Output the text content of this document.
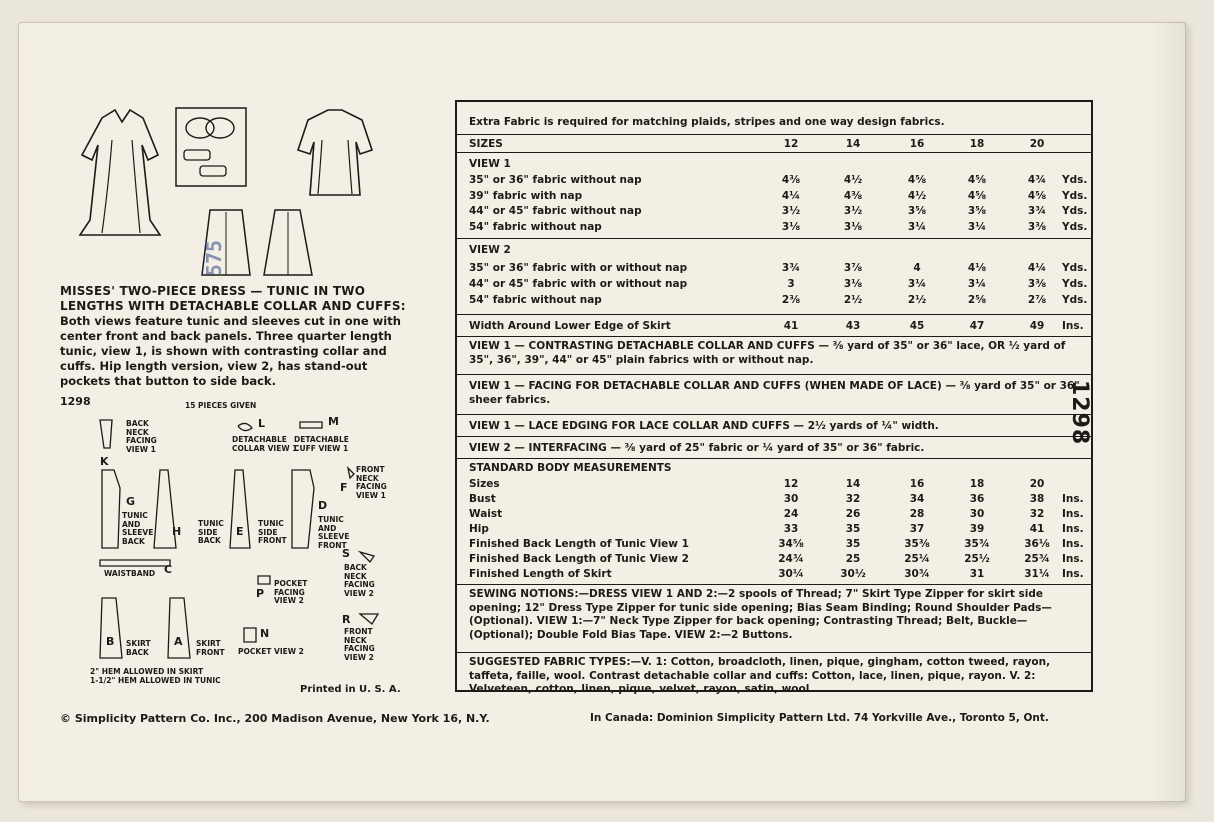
575
MISSES' TWO-PIECE DRESS — TUNIC IN TWO LENGTHS WITH DETACHABLE COLLAR AND CUFFS:
Both views feature tunic and sleeves cut in one with center front and back panels. Three quarter length tunic, view 1, is shown with contrasting collar and cuffs. Hip length version, view 2, has stand-out pockets that button to side back.
1298	15 PIECES GIVEN
K
BACK NECK FACING VIEW 1
L
DETACHABLE COLLAR VIEW 1
M
DETACHABLE CUFF VIEW 1
F
FRONT NECK FACING VIEW 1
G
TUNIC AND SLEEVE BACK
H
TUNIC SIDE BACK
E
TUNIC SIDE FRONT
D
TUNIC AND SLEEVE FRONT
C
WAISTBAND
S
BACK NECK FACING VIEW 2
P
POCKET FACING VIEW 2
B SKIRT BACK
A SKIRT FRONT
N
POCKET VIEW 2
R
FRONT NECK FACING VIEW 2
2" HEM ALLOWED IN SKIRT
1-1/2" HEM ALLOWED IN TUNIC
Printed in U. S. A.
Extra Fabric is required for matching plaids, stripes and one way design fabrics.
SIZES	12	14	16	18	20
VIEW 1
35" or 36" fabric without nap	4⅜	4½	4⅝	4⅝	4¾	Yds.
39" fabric with nap	4¼	4⅜	4½	4⅝	4⅝	Yds.
44" or 45" fabric without nap	3½	3½	3⅝	3⅝	3¾	Yds.
54" fabric without nap	3⅛	3⅛	3¼	3¼	3⅜	Yds.
VIEW 2
35" or 36" fabric with or without nap	3¾	3⅞	4	4⅛	4¼	Yds.
44" or 45" fabric with or without nap	3	3⅛	3¼	3¼	3⅜	Yds.
54" fabric without nap	2⅜	2½	2½	2⅝	2⅞	Yds.
Width Around Lower Edge of Skirt	41	43	45	47	49	Ins.
VIEW 1 — CONTRASTING DETACHABLE COLLAR AND CUFFS — ⅜ yard of 35" or 36" lace, OR ½ yard of 35", 36", 39", 44" or 45" plain fabrics with or without nap.
VIEW 1 — FACING FOR DETACHABLE COLLAR AND CUFFS (WHEN MADE OF LACE) — ⅜ yard of 35" or 36" sheer fabrics.
VIEW 1 — LACE EDGING FOR LACE COLLAR AND CUFFS — 2½ yards of ¼" width.
VIEW 2 — INTERFACING — ⅜ yard of 25" fabric or ¼ yard of 35" or 36" fabric.
STANDARD BODY MEASUREMENTS
Sizes	12	14	16	18	20
Bust	30	32	34	36	38	Ins.
Waist	24	26	28	30	32	Ins.
Hip	33	35	37	39	41	Ins.
Finished Back Length of Tunic View 1	34⅝	35	35⅜	35¾	36⅛	Ins.
Finished Back Length of Tunic View 2	24¾	25	25¼	25½	25¾	Ins.
Finished Length of Skirt	30¼	30½	30¾	31	31¼	Ins.
SEWING NOTIONS:—DRESS VIEW 1 AND 2:—2 spools of Thread; 7" Skirt Type Zipper for skirt side opening; 12" Dress Type Zipper for tunic side opening; Bias Seam Binding; Round Shoulder Pads—(Optional). VIEW 1:—7" Neck Type Zipper for back opening; Contrasting Thread; Belt, Buckle—(Optional); Double Fold Bias Tape. VIEW 2:—2 Buttons.
SUGGESTED FABRIC TYPES:—V. 1: Cotton, broadcloth, linen, pique, gingham, cotton tweed, rayon, taffeta, faille, wool. Contrast detachable collar and cuffs: Cotton, lace, linen, pique, rayon. V. 2: Velveteen, cotton, linen, pique, velvet, rayon, satin, wool.
1298
© Simplicity Pattern Co. Inc., 200 Madison Avenue, New York 16, N.Y.	In Canada: Dominion Simplicity Pattern Ltd. 74 Yorkville Ave., Toronto 5, Ont.
